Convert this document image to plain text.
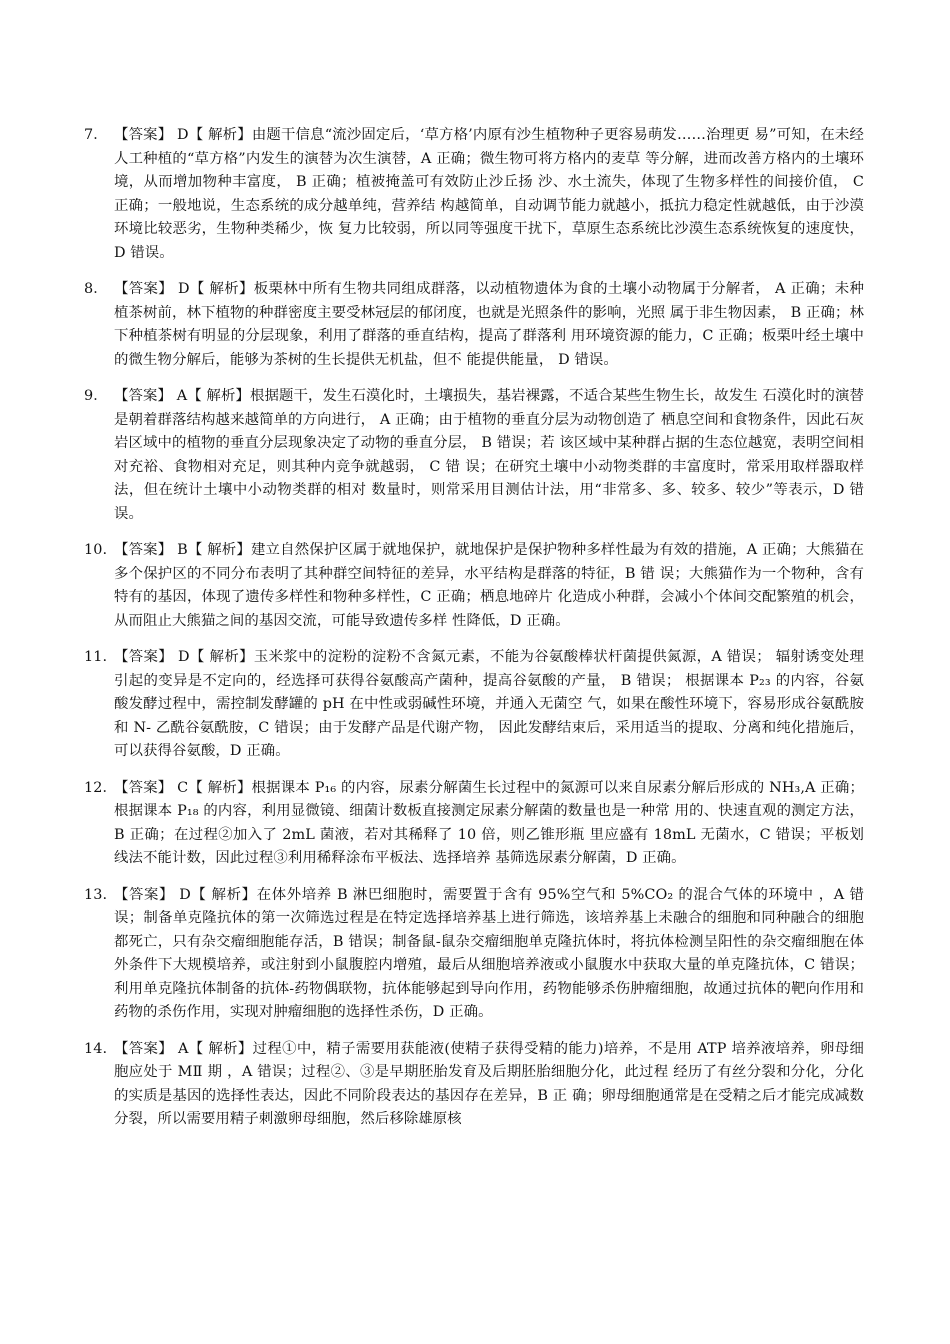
7． 【答案】 D【 解析】由题干信息“流沙固定后，‘草方格’内原有沙生植物种子更容易萌发……治理更 易”可知，在未经人工种植的“草方格”内发生的演替为次生演替，A 正确；微生物可将方格内的麦草 等分解，进而改善方格内的土壤环境，从而增加物种丰富度， B 正确；植被掩盖可有效防止沙丘扬 沙、水土流失，体现了生物多样性的间接价值， C 正确；一般地说，生态系统的成分越单纯，营养结 构越简单，自动调节能力就越小，抵抗力稳定性就越低，由于沙漠环境比较恶劣，生物种类稀少，恢 复力比较弱，所以同等强度干扰下，草原生态系统比沙漠生态系统恢复的速度快， D 错误。
8． 【答案】 D【 解析】板栗林中所有生物共同组成群落，以动植物遗体为食的土壤小动物属于分解者， A 正确；未种植茶树前，林下植物的种群密度主要受林冠层的郁闭度，也就是光照条件的影响，光照 属于非生物因素， B 正确；林下种植茶树有明显的分层现象，利用了群落的垂直结构，提高了群落利 用环境资源的能力，C 正确；板栗叶经土壤中的微生物分解后，能够为茶树的生长提供无机盐，但不 能提供能量， D 错误。
9． 【答案】 A【 解析】根据题干，发生石漠化时，土壤损失，基岩裸露，不适合某些生物生长，故发生 石漠化时的演替是朝着群落结构越来越简单的方向进行， A 正确；由于植物的垂直分层为动物创造了 栖息空间和食物条件，因此石灰岩区域中的植物的垂直分层现象决定了动物的垂直分层， B 错误；若 该区域中某种群占据的生态位越宽，表明空间相对充裕、食物相对充足，则其种内竞争就越弱， C 错 误；在研究土壤中小动物类群的丰富度时，常采用取样器取样法，但在统计土壤中小动物类群的相对 数量时，则常采用目测估计法，用“非常多、多、较多、较少”等表示，D 错误。
10. 【答案】 B【 解析】建立自然保护区属于就地保护，就地保护是保护物种多样性最为有效的措施，A 正确；大熊猫在多个保护区的不同分布表明了其种群空间特征的差异，水平结构是群落的特征，B 错 误；大熊猫作为一个物种，含有特有的基因，体现了遗传多样性和物种多样性，C 正确；栖息地碎片 化造成小种群，会减小个体间交配繁殖的机会，从而阻止大熊猫之间的基因交流，可能导致遗传多样 性降低，D 正确。
11. 【答案】 D【 解析】玉米浆中的淀粉的淀粉不含氮元素，不能为谷氨酸棒状杆菌提供氮源，A 错误； 辐射诱变处理引起的变异是不定向的，经选择可获得谷氨酸高产菌种，提高谷氨酸的产量， B 错误； 根据课本 P₂₃ 的内容，谷氨酸发酵过程中，需控制发酵罐的 pH 在中性或弱碱性环境，并通入无菌空 气，如果在酸性环境下，容易形成谷氨酰胺和 N- 乙酰谷氨酰胺，C 错误；由于发酵产品是代谢产物， 因此发酵结束后，采用适当的提取、分离和纯化措施后，可以获得谷氨酸，D 正确。
12．
【答案】 C【 解析】根据课本 P₁₆ 的内容，尿素分解菌生长过程中的氮源可以来自尿素分解后形成的 NH₃,A 正确；根据课本 P₁₈ 的内容，利用显微镜、细菌计数板直接测定尿素分解菌的数量也是一种常 用的、快速直观的测定方法， B 正确；在过程②加入了 2mL 菌液，若对其稀释了 10 倍，则乙锥形瓶 里应盛有 18mL 无菌水，C 错误；平板划线法不能计数，因此过程③利用稀释涂布平板法、选择培养 基筛选尿素分解菌，D 正确。
13. 【答案】 D【 解析】在体外培养 B 淋巴细胞时，需要置于含有 95%空气和 5%CO₂ 的混合气体的环境中 ，A 错误；制备单克隆抗体的第一次筛选过程是在特定选择培养基上进行筛选，该培养基上未融合的细胞和同种融合的细胞都死亡，只有杂交瘤细胞能存活，B 错误；制备鼠-鼠杂交瘤细胞单克隆抗体时，将抗体检测呈阳性的杂交瘤细胞在体外条件下大规模培养，或注射到小鼠腹腔内增殖，最后从细胞培养液或小鼠腹水中获取大量的单克隆抗体，C 错误；利用单克隆抗体制备的抗体-药物偶联物，抗体能够起到导向作用，药物能够杀伤肿瘤细胞，故通过抗体的靶向作用和药物的杀伤作用，实现对肿瘤细胞的选择性杀伤，D 正确。
14. 【答案】 A【 解析】过程①中，精子需要用获能液(使精子获得受精的能力)培养，不是用 ATP 培养液培养，卵母细胞应处于 MⅡ 期 ，A 错误；过程②、③是早期胚胎发育及后期胚胎细胞分化，此过程 经历了有丝分裂和分化，分化的实质是基因的选择性表达，因此不同阶段表达的基因存在差异，B 正 确；卵母细胞通常是在受精之后才能完成减数分裂，所以需要用精子刺激卵母细胞，然后移除雄原核
